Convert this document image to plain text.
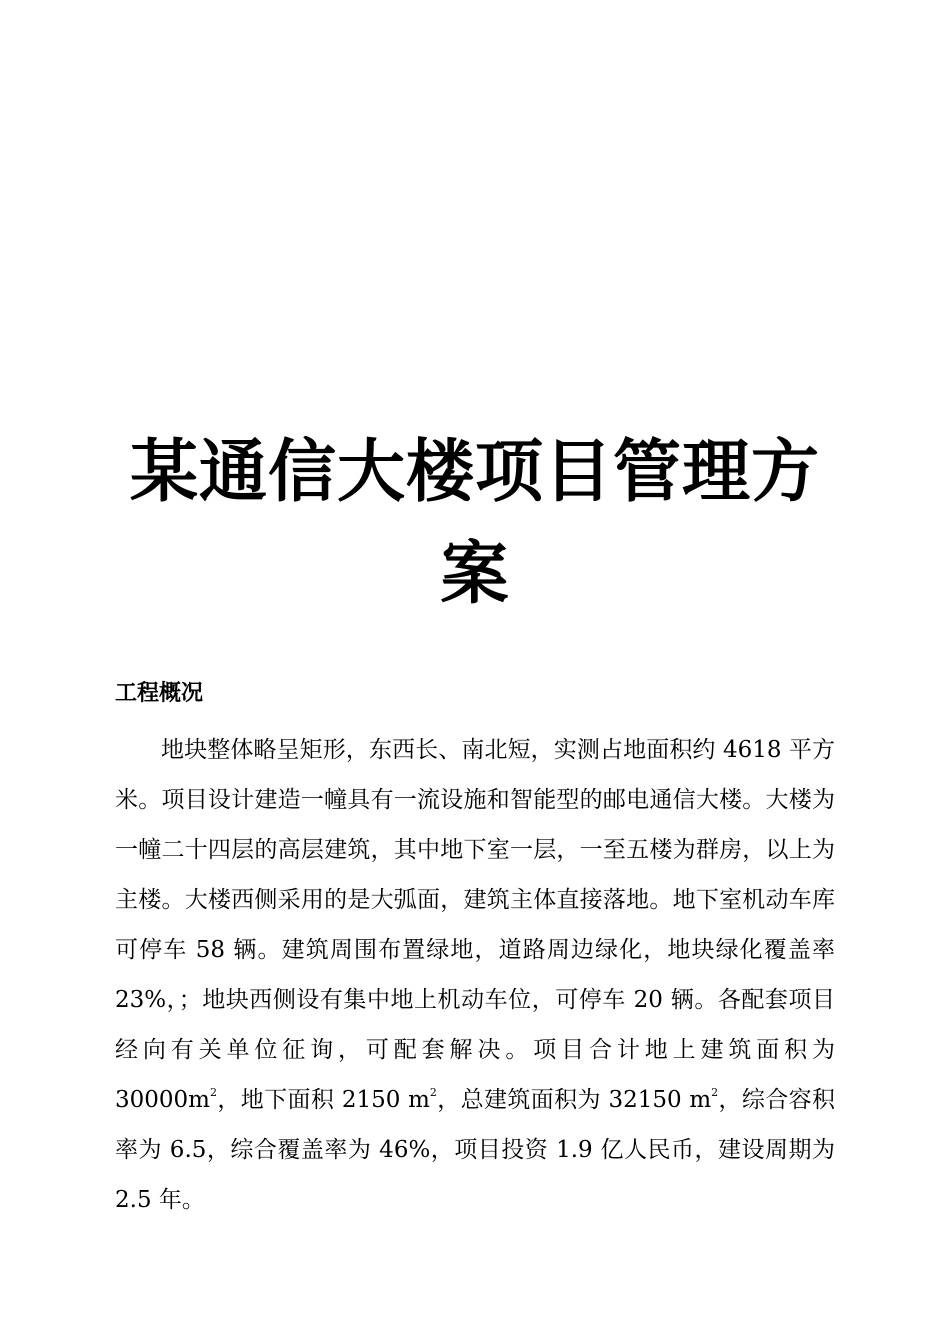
某通信大楼项目管理方案
工程概况

地块整体略呈矩形，东西长、南北短，实测占地面积约 4618 平方米。项目设计建造一幢具有一流设施和智能型的邮电通信大楼。大楼为一幢二十四层的高层建筑，其中地下室一层，一至五楼为群房，以上为主楼。大楼西侧采用的是大弧面，建筑主体直接落地。地下室机动车库可停车 58 辆。建筑周围布置绿地，道路周边绿化，地块绿化覆盖率 23%，；地块西侧设有集中地上机动车位，可停车 20 辆。各配套项目经向有关单位征询，可配套解决。项目合计地上建筑面积为 $30000m^2$，地下面积 2150 $m^2$，总建筑面积为 32150 $m^2$，综合容积率为 6.5，综合覆盖率为 46%，项目投资 1.9 亿人民币，建设周期为 2.5 年。
